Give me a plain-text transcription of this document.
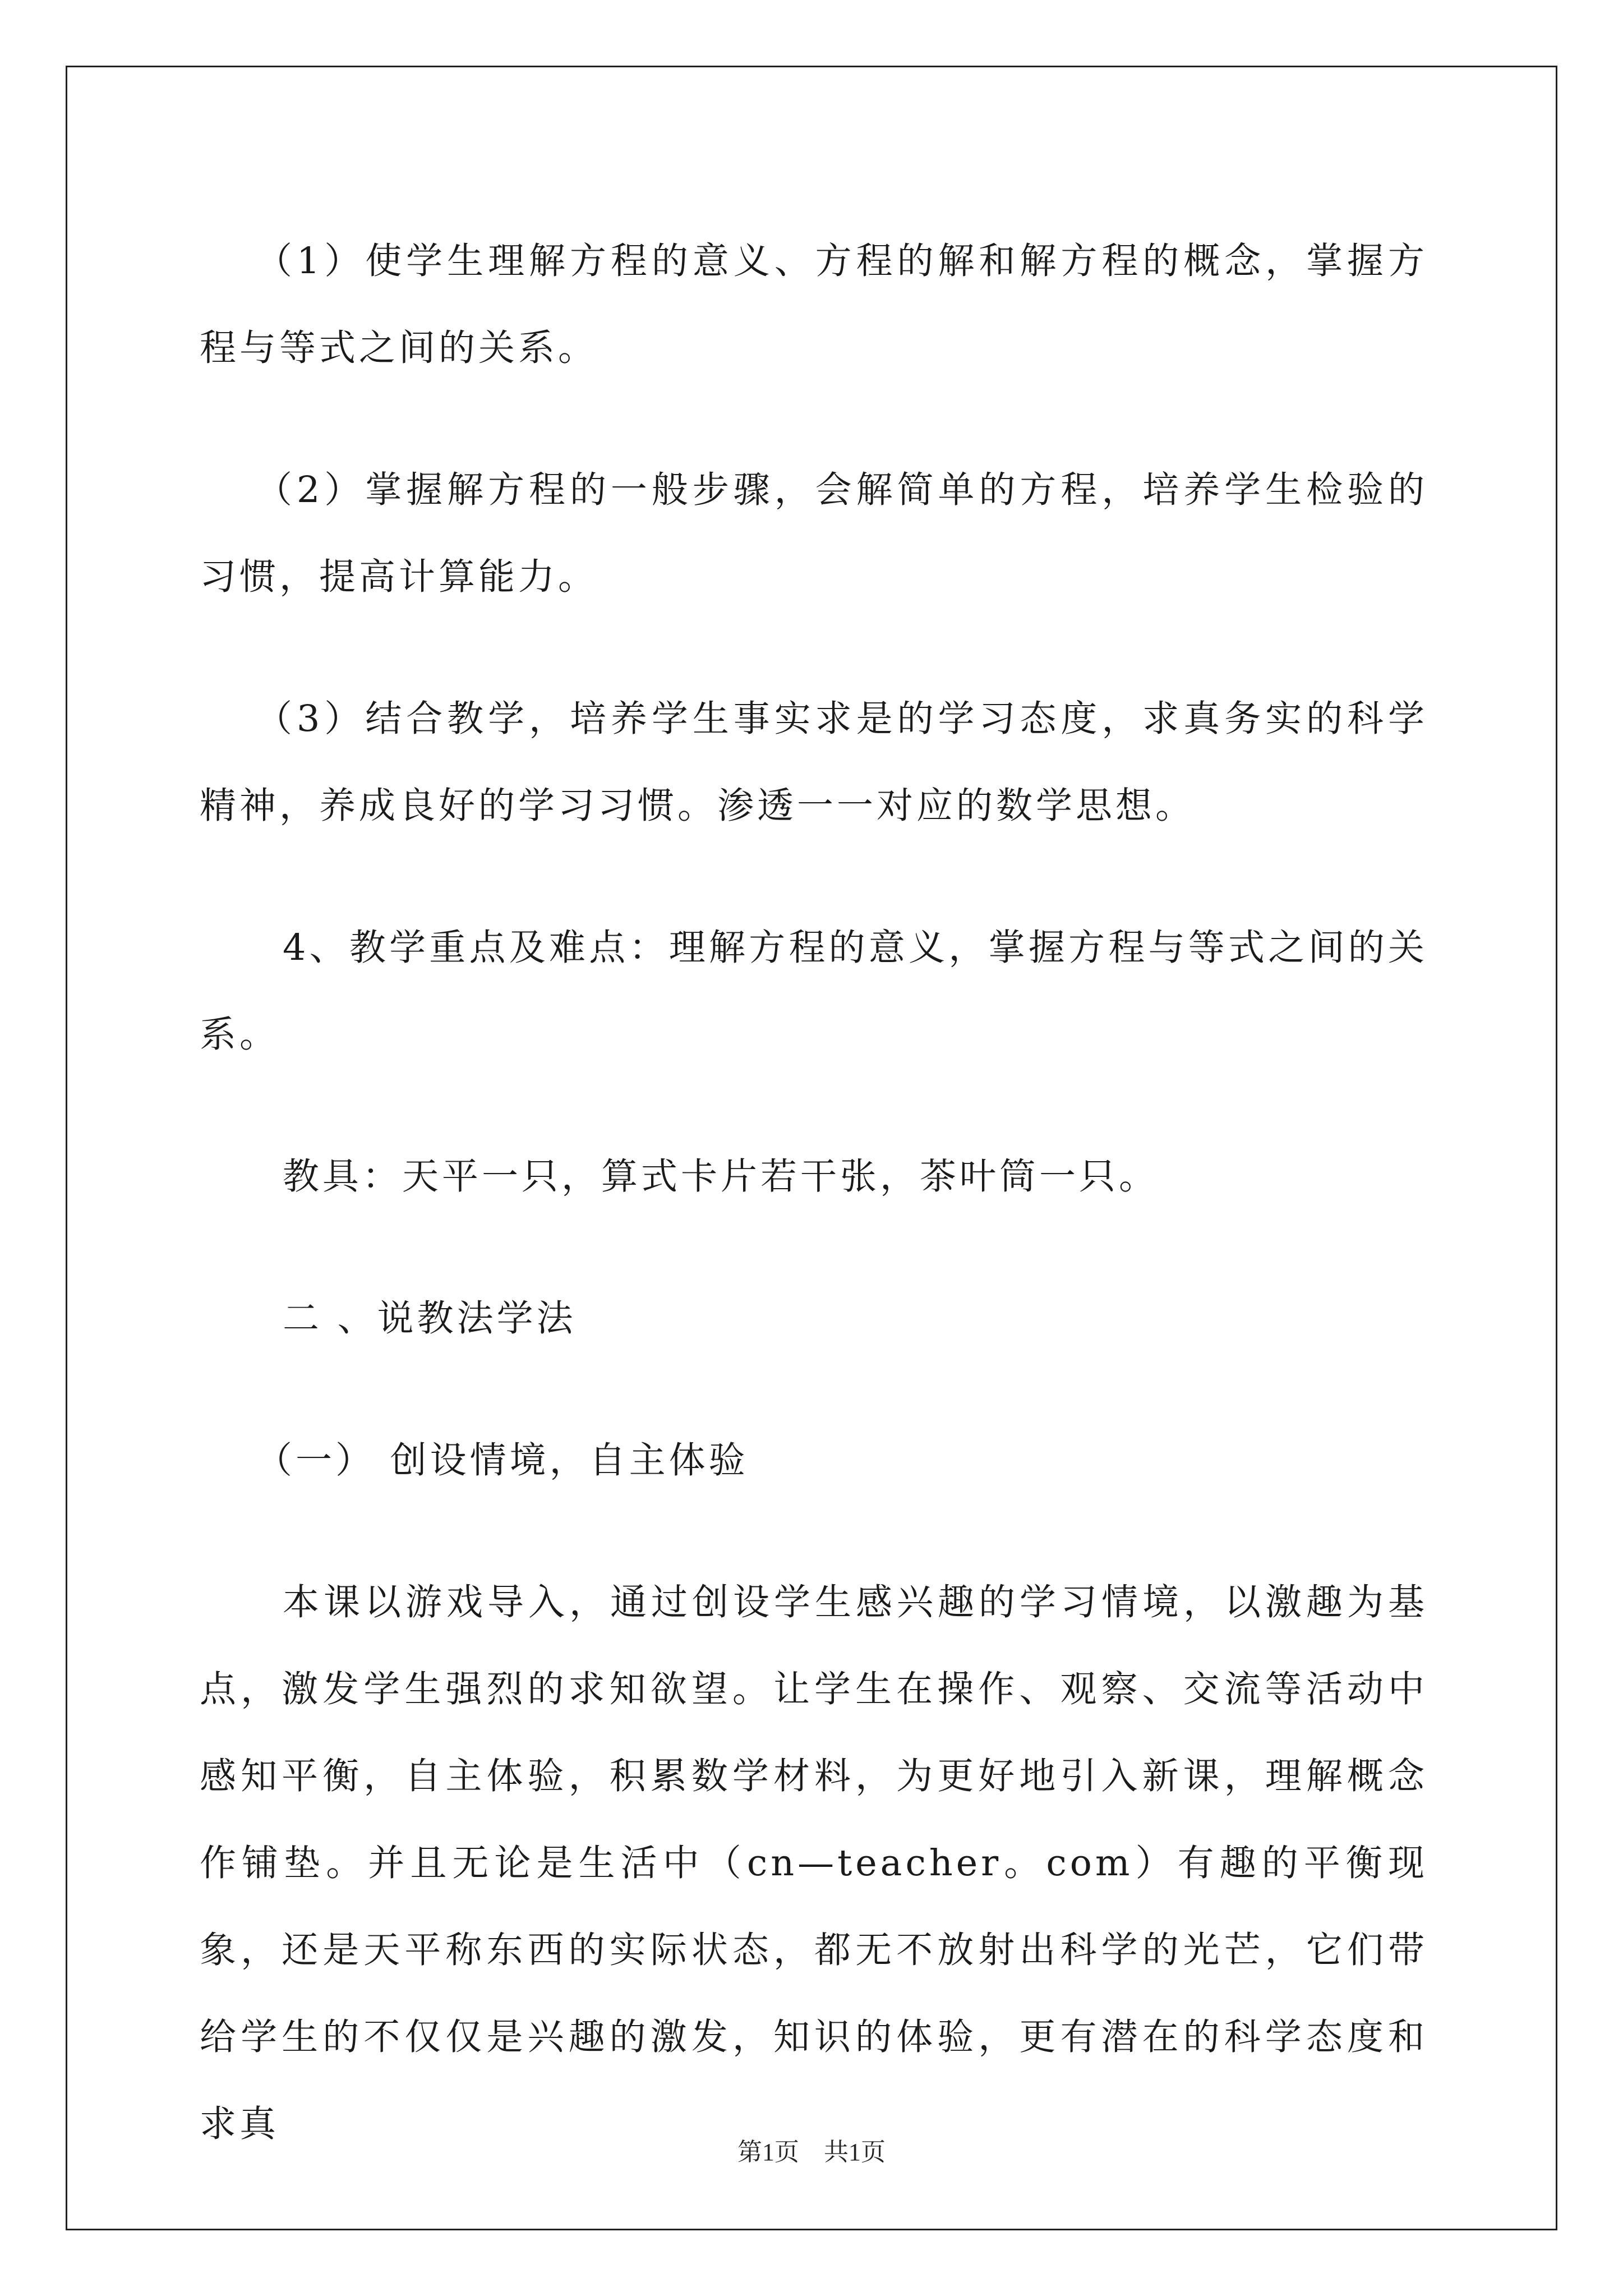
（1）使学生理解方程的意义、方程的解和解方程的概念，掌握方程与等式之间的关系。

（2）掌握解方程的一般步骤，会解简单的方程，培养学生检验的习惯，提高计算能力。

（3）结合教学，培养学生事实求是的学习态度，求真务实的科学精神，养成良好的学习习惯。渗透一一对应的数学思想。

4、教学重点及难点：理解方程的意义，掌握方程与等式之间的关系。

教具：天平一只，算式卡片若干张，茶叶筒一只。

二 、说教法学法

（一） 创设情境，自主体验

本课以游戏导入，通过创设学生感兴趣的学习情境，以激趣为基点，激发学生强烈的求知欲望。让学生在操作、观察、交流等活动中感知平衡，自主体验，积累数学材料，为更好地引入新课，理解概念作铺垫。并且无论是生活中（cn—teacher。com）有趣的平衡现象，还是天平称东西的实际状态，都无不放射出科学的光芒，它们带给学生的不仅仅是兴趣的激发，知识的体验，更有潜在的科学态度和求真

第1页　共1页
